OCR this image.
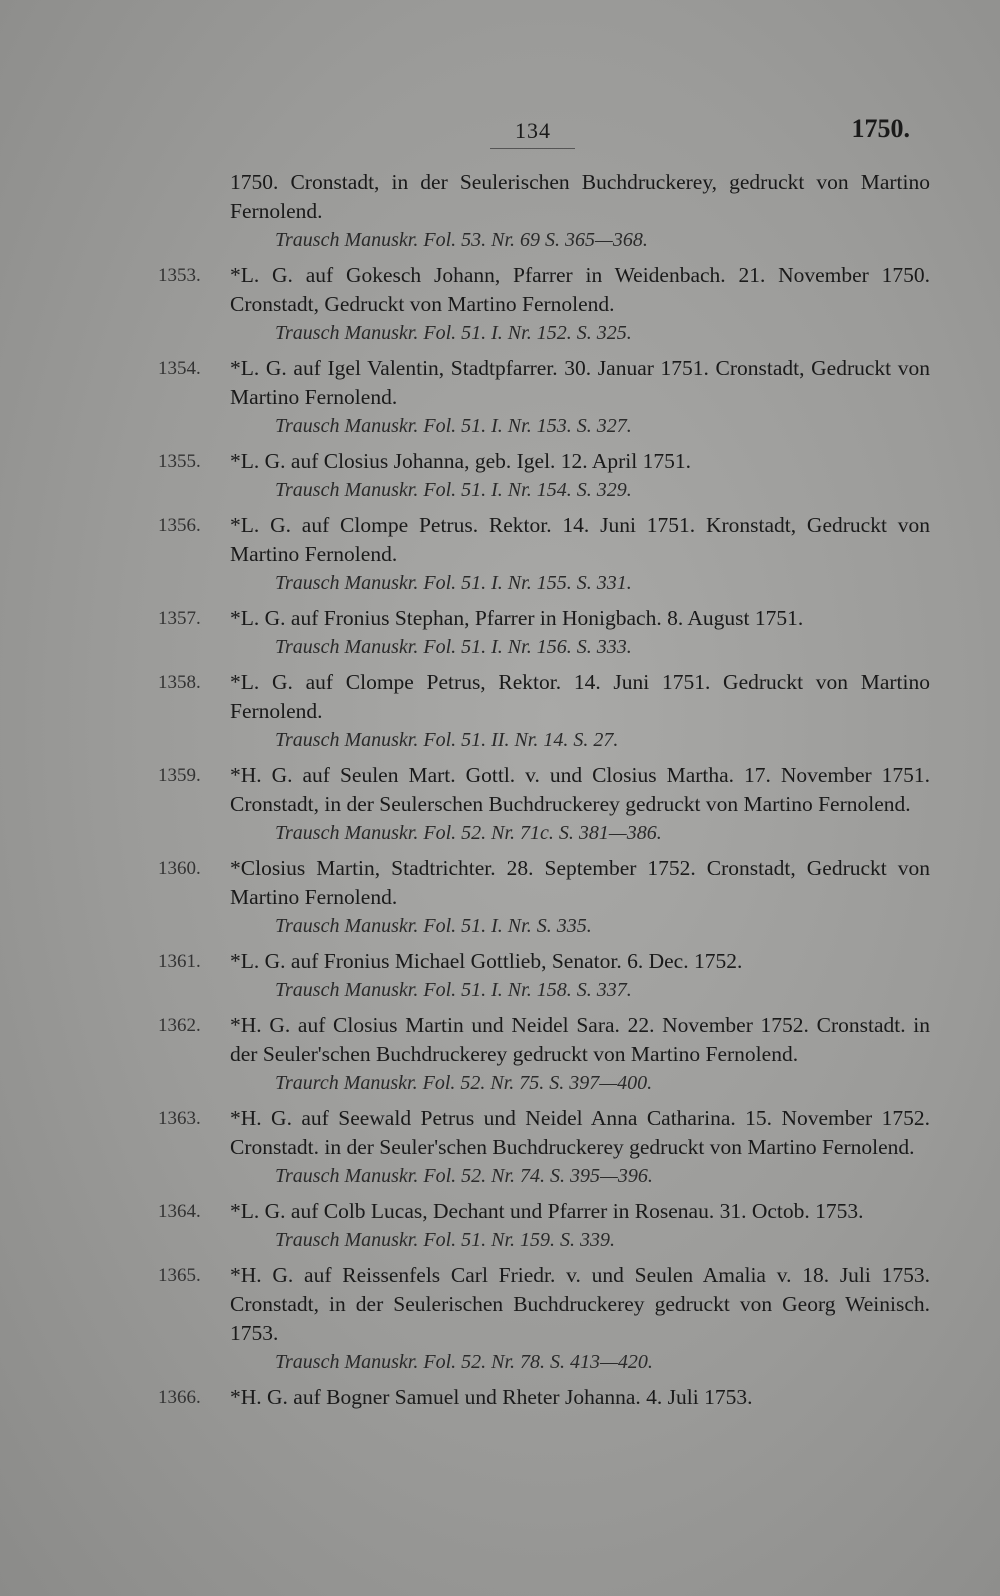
134	1750.
1750. Cronstadt, in der Seulerischen Buchdruckerey, gedruckt von Martino Fernolend.
Trausch Manuskr. Fol. 53. Nr. 69 S. 365—368.
1353. *L. G. auf Gokesch Johann, Pfarrer in Weidenbach. 21. November 1750. Cronstadt, Gedruckt von Martino Fernolend.
Trausch Manuskr. Fol. 51. I. Nr. 152. S. 325.
1354. *L. G. auf Igel Valentin, Stadtpfarrer. 30. Januar 1751. Cronstadt, Gedruckt von Martino Fernolend.
Trausch Manuskr. Fol. 51. I. Nr. 153. S. 327.
1355. *L. G. auf Closius Johanna, geb. Igel. 12. April 1751.
Trausch Manuskr. Fol. 51. I. Nr. 154. S. 329.
1356. *L. G. auf Clompe Petrus. Rektor. 14. Juni 1751. Kronstadt, Gedruckt von Martino Fernolend.
Trausch Manuskr. Fol. 51. I. Nr. 155. S. 331.
1357. *L. G. auf Fronius Stephan, Pfarrer in Honigbach. 8. August 1751.
Trausch Manuskr. Fol. 51. I. Nr. 156. S. 333.
1358. *L. G. auf Clompe Petrus, Rektor. 14. Juni 1751. Gedruckt von Martino Fernolend.
Trausch Manuskr. Fol. 51. II. Nr. 14. S. 27.
1359. *H. G. auf Seulen Mart. Gottl. v. und Closius Martha. 17. November 1751. Cronstadt, in der Seulerschen Buchdruckerey gedruckt von Martino Fernolend.
Trausch Manuskr. Fol. 52. Nr. 71c. S. 381—386.
1360. *Closius Martin, Stadtrichter. 28. September 1752. Cronstadt, Gedruckt von Martino Fernolend.
Trausch Manuskr. Fol. 51. I. Nr. S. 335.
1361. *L. G. auf Fronius Michael Gottlieb, Senator. 6. Dec. 1752.
Trausch Manuskr. Fol. 51. I. Nr. 158. S. 337.
1362. *H. G. auf Closius Martin und Neidel Sara. 22. November 1752. Cronstadt. in der Seuler'schen Buchdruckerey gedruckt von Martino Fernolend.
Traurch Manuskr. Fol. 52. Nr. 75. S. 397—400.
1363. *H. G. auf Seewald Petrus und Neidel Anna Catharina. 15. November 1752. Cronstadt. in der Seuler'schen Buchdruckerey gedruckt von Martino Fernolend.
Trausch Manuskr. Fol. 52. Nr. 74. S. 395—396.
1364. *L. G. auf Colb Lucas, Dechant und Pfarrer in Rosenau. 31. Octob. 1753.
Trausch Manuskr. Fol. 51. Nr. 159. S. 339.
1365. *H. G. auf Reissenfels Carl Friedr. v. und Seulen Amalia v. 18. Juli 1753. Cronstadt, in der Seulerischen Buchdruckerey gedruckt von Georg Weinisch. 1753.
Trausch Manuskr. Fol. 52. Nr. 78. S. 413—420.
1366. *H. G. auf Bogner Samuel und Rheter Johanna. 4. Juli 1753.
